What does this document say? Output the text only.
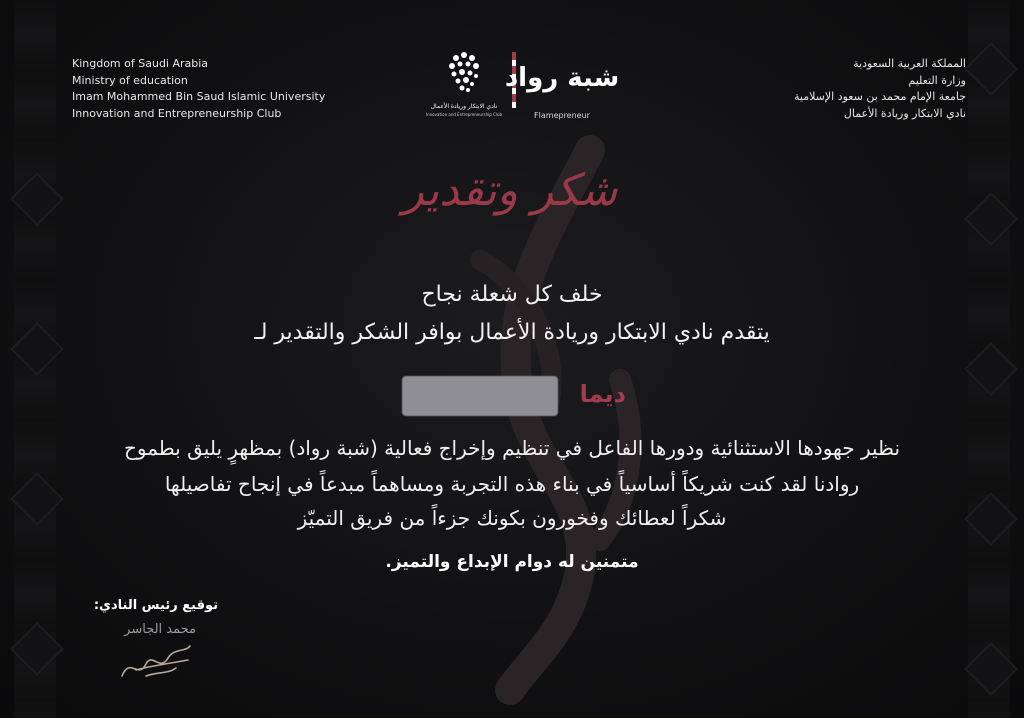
Kingdom of Saudi Arabia
Ministry of education
Imam Mohammed Bin Saud Islamic University
Innovation and Entrepreneurship Club
المملكة العربية السعودية
وزارة التعليم
جامعة الإمام محمد بن سعود الإسلامية
نادي الابتكار وريادة الأعمال
نادي الابتكار وريادة الأعمال
Innovation and Entrepreneurship Club
شبة رواد
Flamepreneur
شكر وتقدير
خلف كل شعلة نجاح
يتقدم نادي الابتكار وريادة الأعمال بوافر الشكر والتقدير لـ
ديما
نظير جهودها الاستثنائية ودورها الفاعل في تنظيم وإخراج فعالية (شبة رواد) بمظهرٍ يليق بطموح
روادنا لقد كنت شريكاً أساسياً في بناء هذه التجربة ومساهماً مبدعاً في إنجاح تفاصيلها
شكراً لعطائك وفخورون بكونك جزءاً من فريق التميّز
متمنين له دوام الإبداع والتميز.
توقيع رئيس النادي:
محمد الجاسر
